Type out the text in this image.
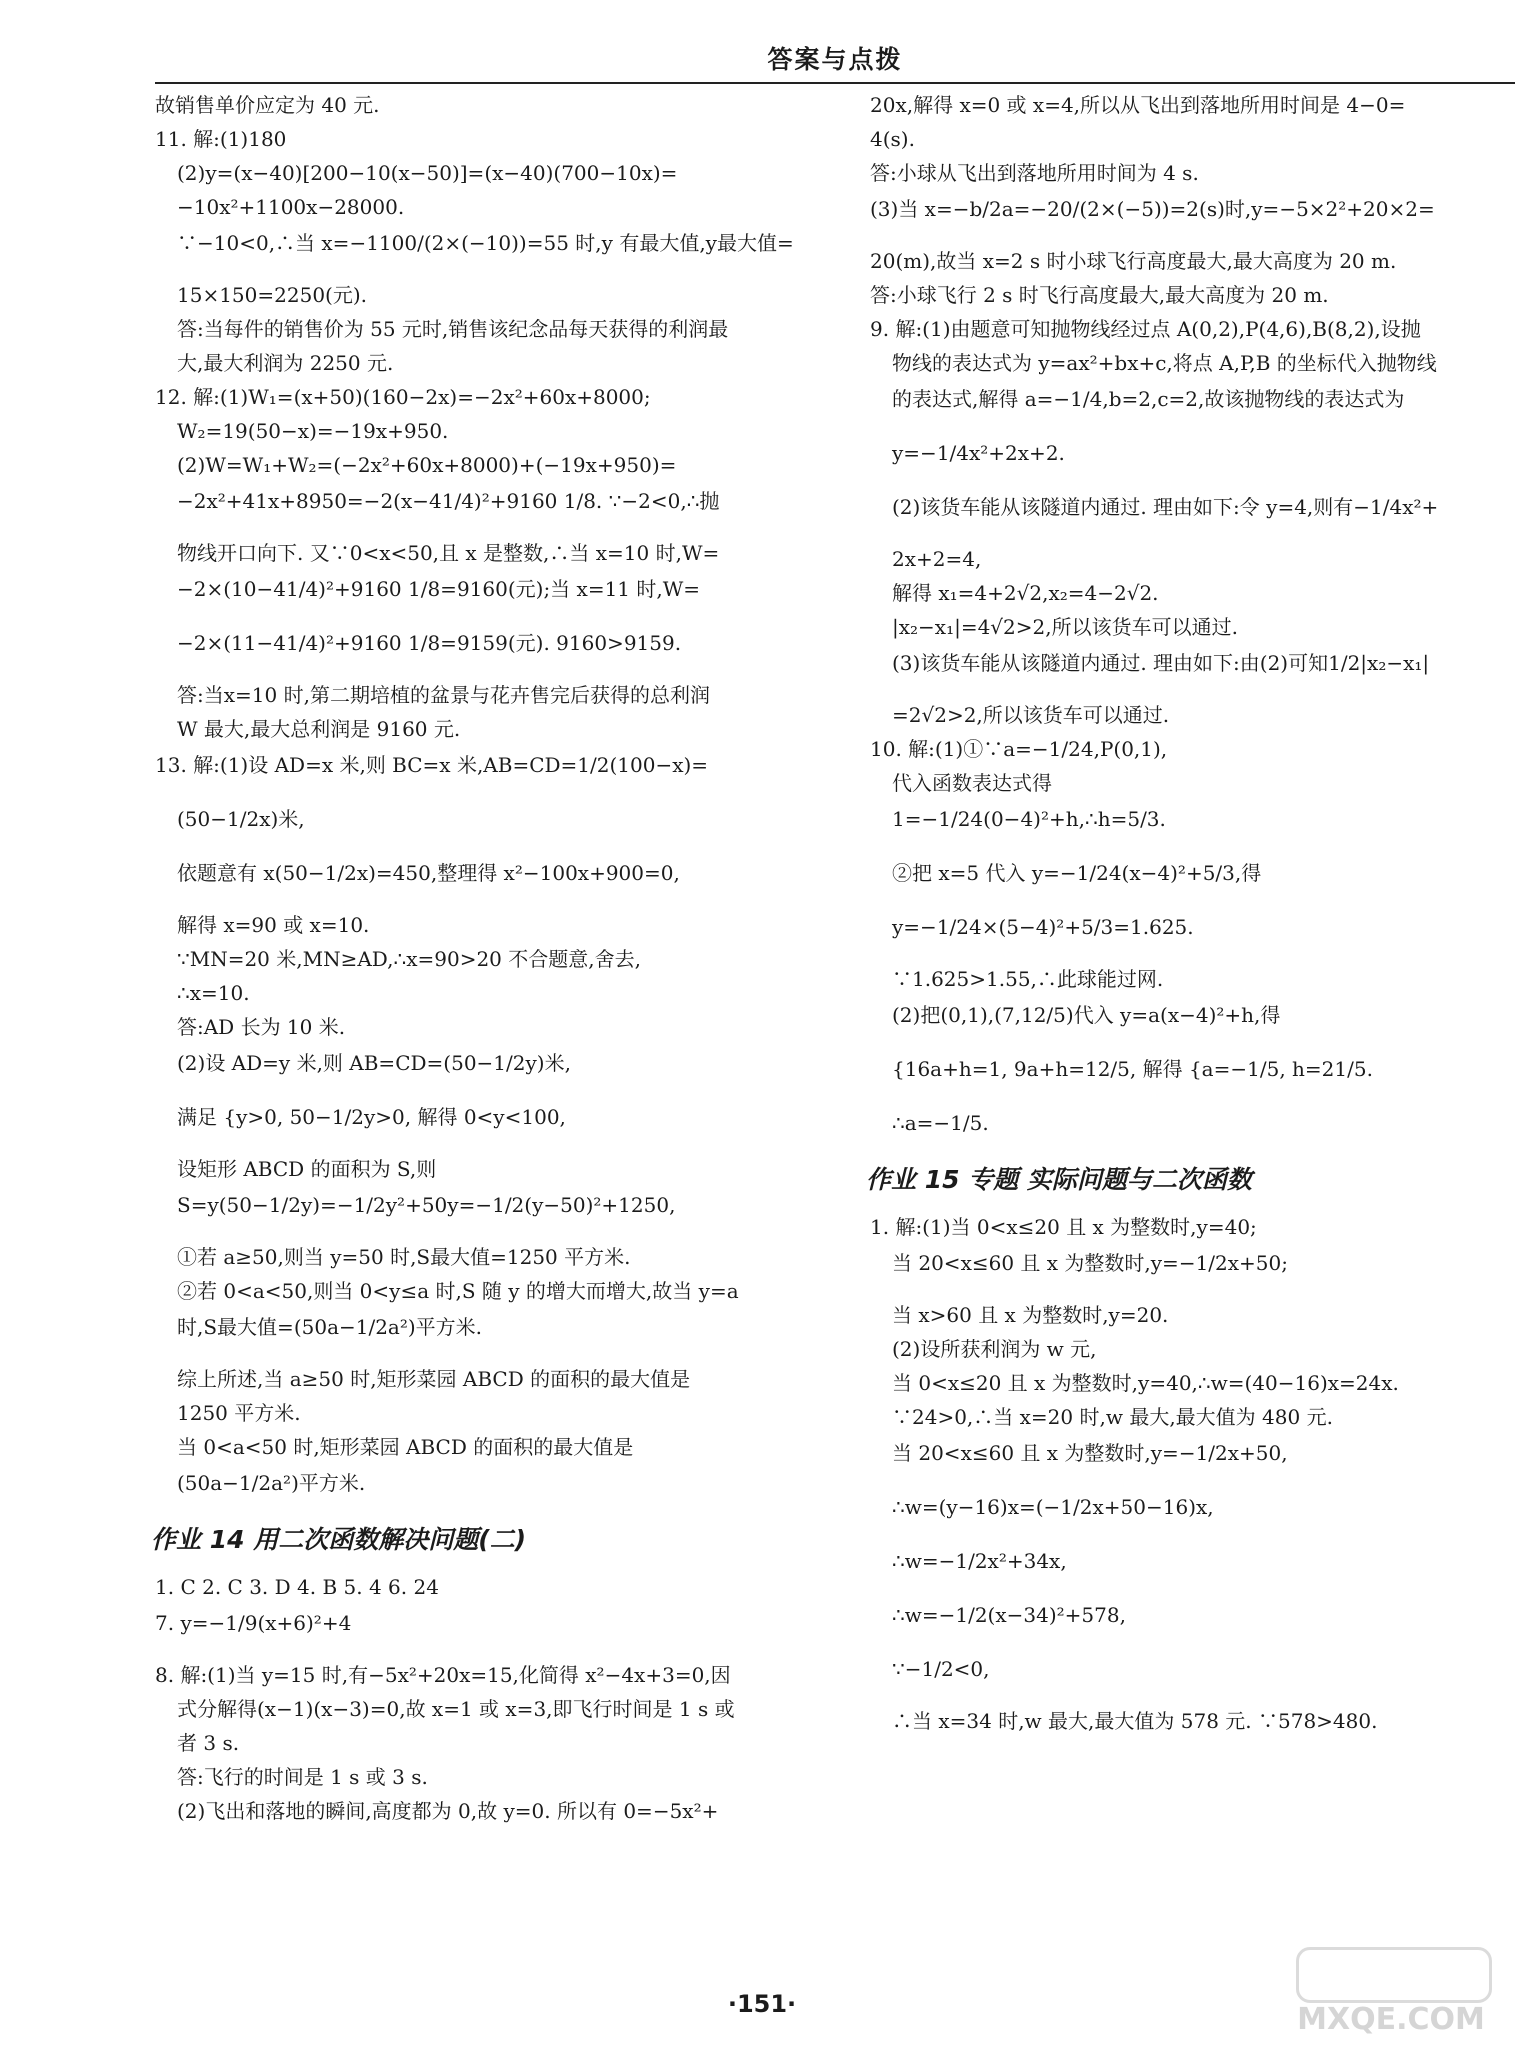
答案与点拨
故销售单价应定为 40 元.
11. 解:(1)180
(2)y=(x−40)[200−10(x−50)]=(x−40)(700−10x)=
−10x²+1100x−28000.
∵−10<0,∴当 x=−1100/(2×(−10))=55 时,y 有最大值,y最大值=
15×150=2250(元).
答:当每件的销售价为 55 元时,销售该纪念品每天获得的利润最
大,最大利润为 2250 元.
12. 解:(1)W₁=(x+50)(160−2x)=−2x²+60x+8000;
W₂=19(50−x)=−19x+950.
(2)W=W₁+W₂=(−2x²+60x+8000)+(−19x+950)=
−2x²+41x+8950=−2(x−41/4)²+9160 1/8. ∵−2<0,∴抛
物线开口向下. 又∵0<x<50,且 x 是整数,∴当 x=10 时,W=
−2×(10−41/4)²+9160 1/8=9160(元);当 x=11 时,W=
−2×(11−41/4)²+9160 1/8=9159(元). 9160>9159.
答:当x=10 时,第二期培植的盆景与花卉售完后获得的总利润
W 最大,最大总利润是 9160 元.
13. 解:(1)设 AD=x 米,则 BC=x 米,AB=CD=1/2(100−x)=
(50−1/2x)米,
依题意有 x(50−1/2x)=450,整理得 x²−100x+900=0,
解得 x=90 或 x=10.
∵MN=20 米,MN≥AD,∴x=90>20 不合题意,舍去,
∴x=10.
答:AD 长为 10 米.
(2)设 AD=y 米,则 AB=CD=(50−1/2y)米,
满足 {y>0, 50−1/2y>0, 解得 0<y<100,
设矩形 ABCD 的面积为 S,则
S=y(50−1/2y)=−1/2y²+50y=−1/2(y−50)²+1250,
①若 a≥50,则当 y=50 时,S最大值=1250 平方米.
②若 0<a<50,则当 0<y≤a 时,S 随 y 的增大而增大,故当 y=a
时,S最大值=(50a−1/2a²)平方米.
综上所述,当 a≥50 时,矩形菜园 ABCD 的面积的最大值是
1250 平方米.
当 0<a<50 时,矩形菜园 ABCD 的面积的最大值是
(50a−1/2a²)平方米.
作业 14 用二次函数解决问题(二)
1. C 2. C 3. D 4. B 5. 4 6. 24
7. y=−1/9(x+6)²+4
8. 解:(1)当 y=15 时,有−5x²+20x=15,化简得 x²−4x+3=0,因
式分解得(x−1)(x−3)=0,故 x=1 或 x=3,即飞行时间是 1 s 或
者 3 s.
答:飞行的时间是 1 s 或 3 s.
(2)飞出和落地的瞬间,高度都为 0,故 y=0. 所以有 0=−5x²+
20x,解得 x=0 或 x=4,所以从飞出到落地所用时间是 4−0=
4(s).
答:小球从飞出到落地所用时间为 4 s.
(3)当 x=−b/2a=−20/(2×(−5))=2(s)时,y=−5×2²+20×2=
20(m),故当 x=2 s 时小球飞行高度最大,最大高度为 20 m.
答:小球飞行 2 s 时飞行高度最大,最大高度为 20 m.
9. 解:(1)由题意可知抛物线经过点 A(0,2),P(4,6),B(8,2),设抛
物线的表达式为 y=ax²+bx+c,将点 A,P,B 的坐标代入抛物线
的表达式,解得 a=−1/4,b=2,c=2,故该抛物线的表达式为
y=−1/4x²+2x+2.
(2)该货车能从该隧道内通过. 理由如下:令 y=4,则有−1/4x²+
2x+2=4,
解得 x₁=4+2√2,x₂=4−2√2.
|x₂−x₁|=4√2>2,所以该货车可以通过.
(3)该货车能从该隧道内通过. 理由如下:由(2)可知1/2|x₂−x₁|
=2√2>2,所以该货车可以通过.
10. 解:(1)①∵a=−1/24,P(0,1),
代入函数表达式得
1=−1/24(0−4)²+h,∴h=5/3.
②把 x=5 代入 y=−1/24(x−4)²+5/3,得
y=−1/24×(5−4)²+5/3=1.625.
∵1.625>1.55,∴此球能过网.
(2)把(0,1),(7,12/5)代入 y=a(x−4)²+h,得
{16a+h=1, 9a+h=12/5, 解得 {a=−1/5, h=21/5.
∴a=−1/5.
作业 15 专题 实际问题与二次函数
1. 解:(1)当 0<x≤20 且 x 为整数时,y=40;
当 20<x≤60 且 x 为整数时,y=−1/2x+50;
当 x>60 且 x 为整数时,y=20.
(2)设所获利润为 w 元,
当 0<x≤20 且 x 为整数时,y=40,∴w=(40−16)x=24x.
∵24>0,∴当 x=20 时,w 最大,最大值为 480 元.
当 20<x≤60 且 x 为整数时,y=−1/2x+50,
∴w=(y−16)x=(−1/2x+50−16)x,
∴w=−1/2x²+34x,
∴w=−1/2(x−34)²+578,
∵−1/2<0,
∴当 x=34 时,w 最大,最大值为 578 元. ∵578>480.
·151·	MXQE.COM
